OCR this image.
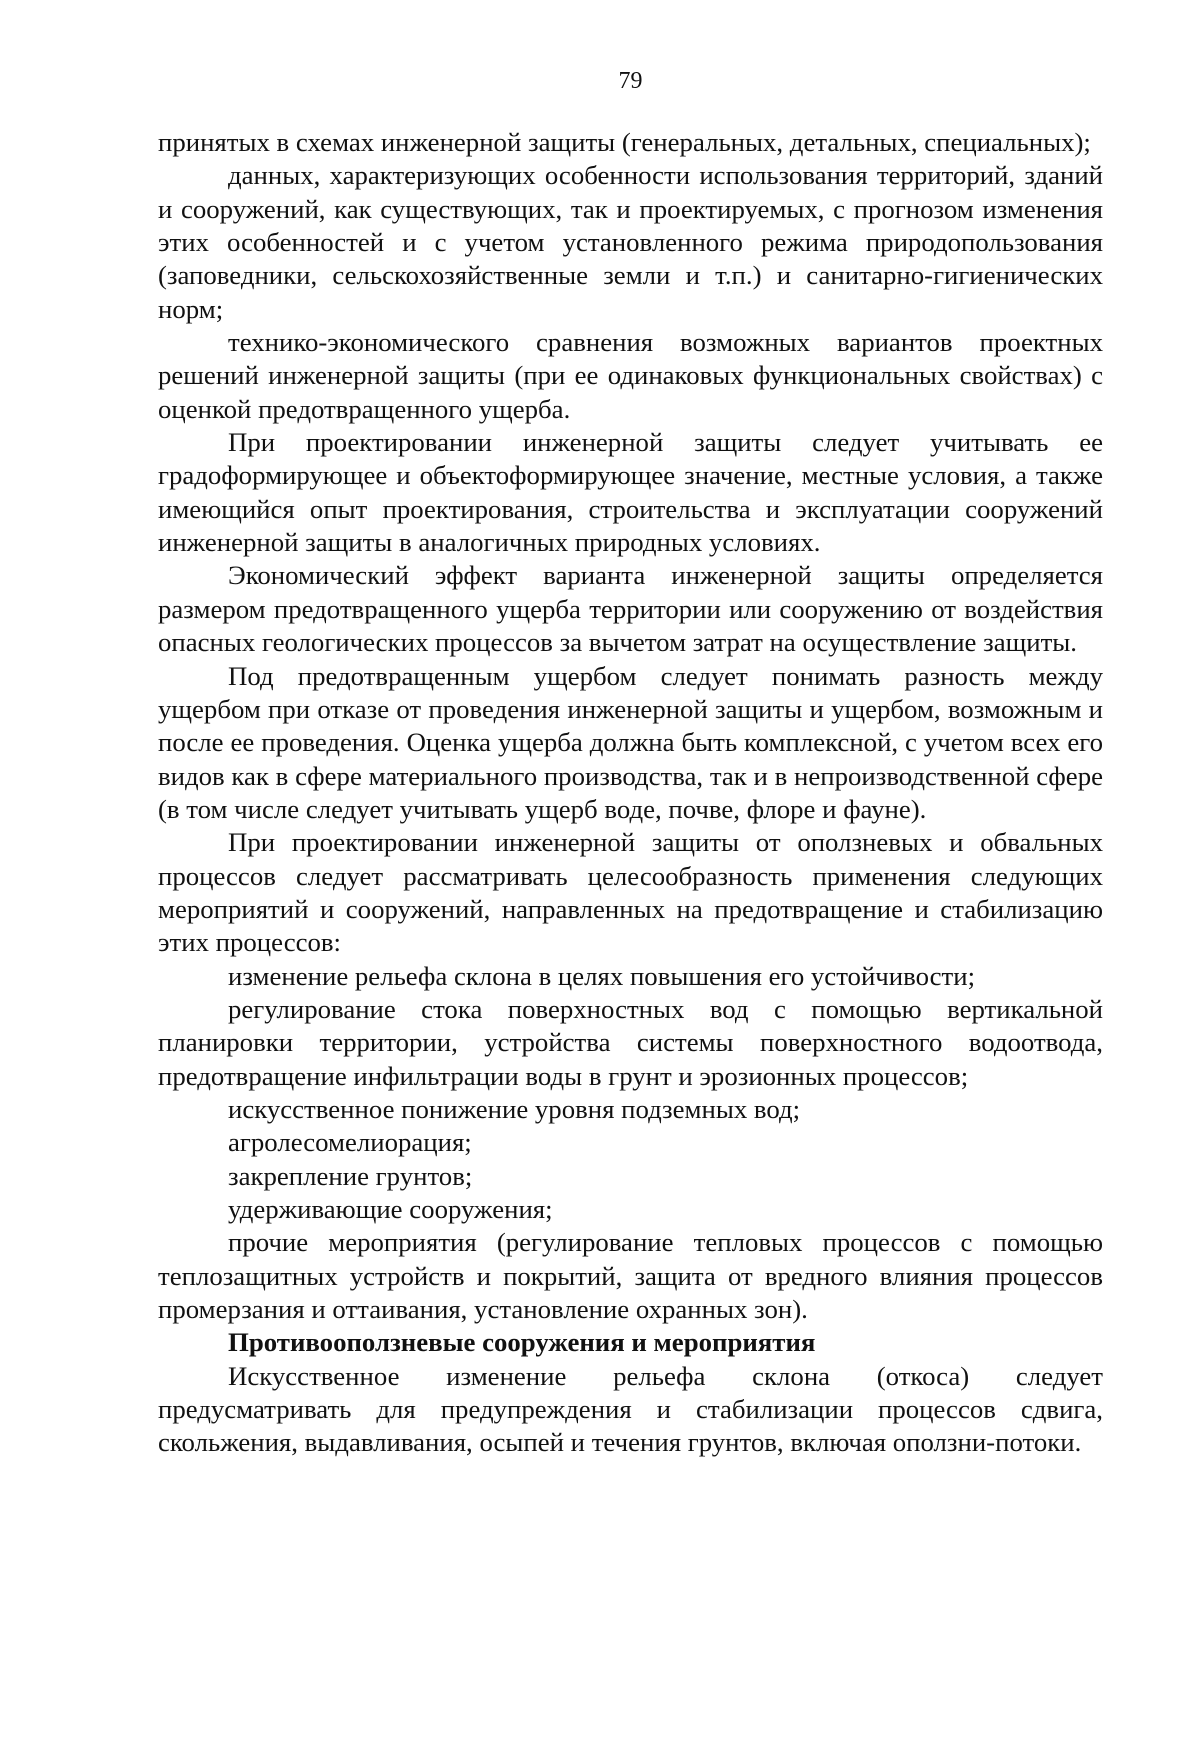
79

принятых в схемах инженерной защиты (генеральных, детальных, специальных);

данных, характеризующих особенности использования территорий, зданий и сооружений, как существующих, так и проектируемых, с прогнозом изменения этих особенностей и с учетом установленного режима природопользования (заповедники, сельскохозяйственные земли и т.п.) и санитарно-гигиенических норм;

технико-экономического сравнения возможных вариантов проектных решений инженерной защиты (при ее одинаковых функциональных свойствах) с оценкой предотвращенного ущерба.

При проектировании инженерной защиты следует учитывать ее градоформирующее и объектоформирующее значение, местные условия, а также имеющийся опыт проектирования, строительства и эксплуатации сооружений инженерной защиты в аналогичных природных условиях.

Экономический эффект варианта инженерной защиты определяется размером предотвращенного ущерба территории или сооружению от воздействия опасных геологических процессов за вычетом затрат на осуществление защиты.

Под предотвращенным ущербом следует понимать разность между ущербом при отказе от проведения инженерной защиты и ущербом, возможным и после ее проведения. Оценка ущерба должна быть комплексной, с учетом всех его видов как в сфере материального производства, так и в непроизводственной сфере (в том числе следует учитывать ущерб воде, почве, флоре и фауне).

При проектировании инженерной защиты от оползневых и обвальных процессов следует рассматривать целесообразность применения следующих мероприятий и сооружений, направленных на предотвращение и стабилизацию этих процессов:

изменение рельефа склона в целях повышения его устойчивости;

регулирование стока поверхностных вод с помощью вертикальной планировки территории, устройства системы поверхностного водоотвода, предотвращение инфильтрации воды в грунт и эрозионных процессов;

искусственное понижение уровня подземных вод;

агролесомелиорация;

закрепление грунтов;

удерживающие сооружения;

прочие мероприятия (регулирование тепловых процессов с помощью теплозащитных устройств и покрытий, защита от вредного влияния процессов промерзания и оттаивания, установление охранных зон).

Противооползневые сооружения и мероприятия

Искусственное изменение рельефа склона (откоса) следует предусматривать для предупреждения и стабилизации процессов сдвига, скольжения, выдавливания, осыпей и течения грунтов, включая оползни-потоки.
